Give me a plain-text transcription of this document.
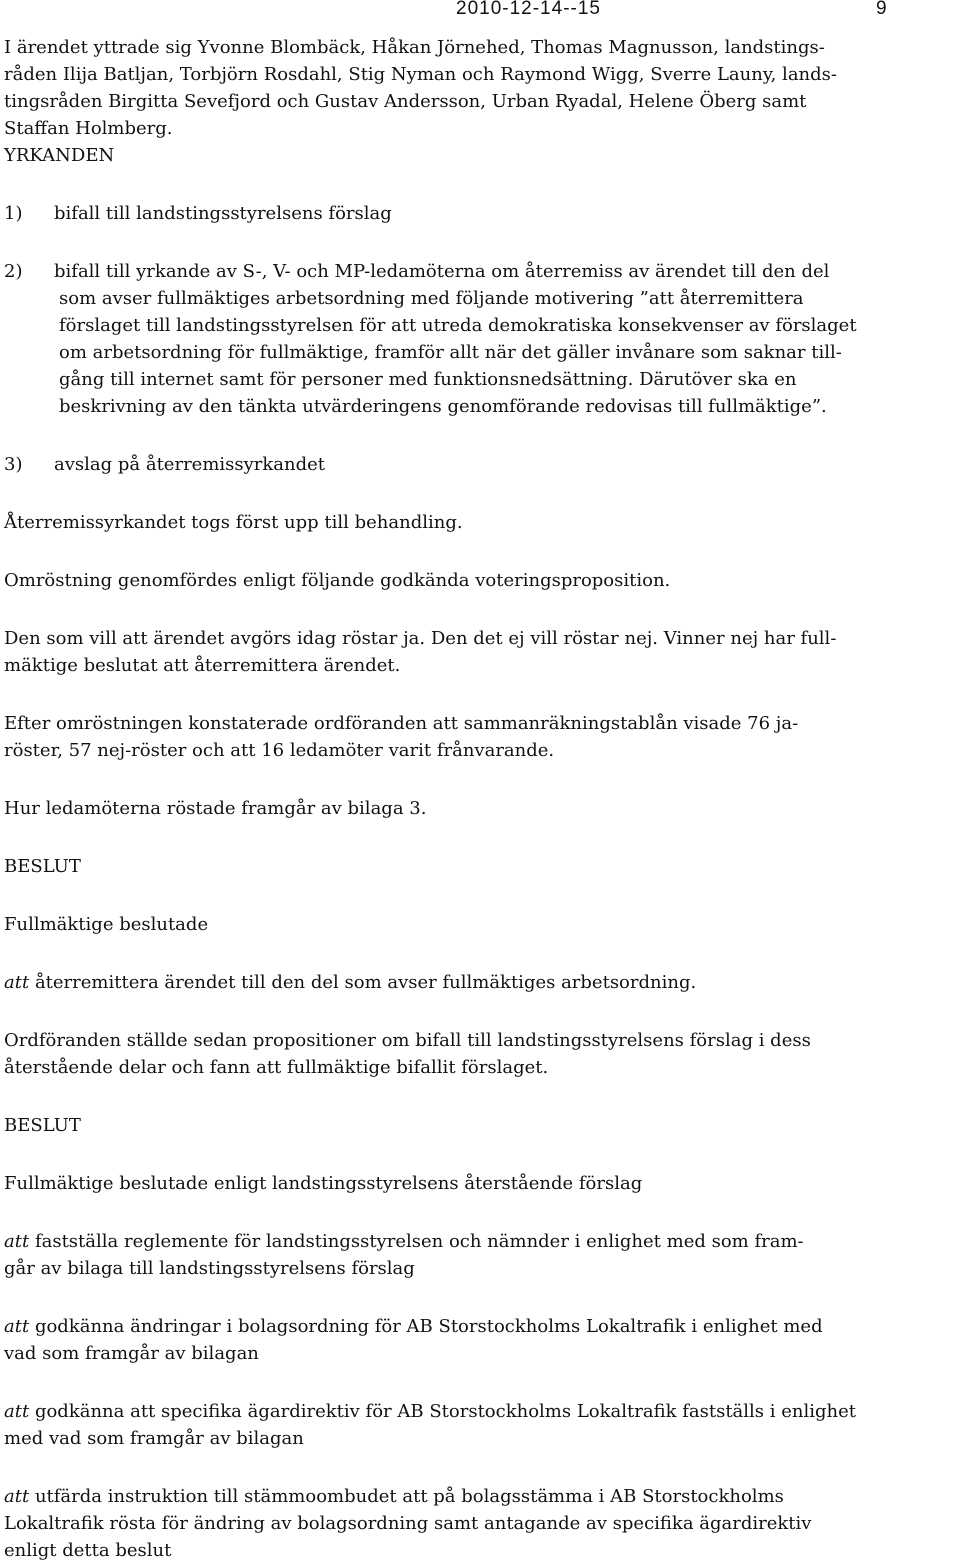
2010-12-14--15	9
I ärendet yttrade sig Yvonne Blombäck, Håkan Jörnehed, Thomas Magnusson, landstings-
råden Ilija Batljan, Torbjörn Rosdahl, Stig Nyman och Raymond Wigg, Sverre Launy, lands-
tingsråden Birgitta Sevefjord och Gustav Andersson, Urban Ryadal, Helene Öberg samt
Staffan Holmberg.
YRKANDEN
1) bifall till landstingsstyrelsens förslag
2) bifall till yrkande av S-, V- och MP-ledamöterna om återremiss av ärendet till den del
som avser fullmäktiges arbetsordning med följande motivering ”att återremittera
förslaget till landstingsstyrelsen för att utreda demokratiska konsekvenser av förslaget
om arbetsordning för fullmäktige, framför allt när det gäller invånare som saknar till-
gång till internet samt för personer med funktionsnedsättning. Därutöver ska en
beskrivning av den tänkta utvärderingens genomförande redovisas till fullmäktige”.
3) avslag på återremissyrkandet
Återremissyrkandet togs först upp till behandling.
Omröstning genomfördes enligt följande godkända voteringsproposition.
Den som vill att ärendet avgörs idag röstar ja. Den det ej vill röstar nej. Vinner nej har full-
mäktige beslutat att återremittera ärendet.
Efter omröstningen konstaterade ordföranden att sammanräkningstablån visade 76 ja-
röster, 57 nej-röster och att 16 ledamöter varit frånvarande.
Hur ledamöterna röstade framgår av bilaga 3.
BESLUT
Fullmäktige beslutade
att återremittera ärendet till den del som avser fullmäktiges arbetsordning.
Ordföranden ställde sedan propositioner om bifall till landstingsstyrelsens förslag i dess
återstående delar och fann att fullmäktige bifallit förslaget.
BESLUT
Fullmäktige beslutade enligt landstingsstyrelsens återstående förslag
att fastställa reglemente för landstingsstyrelsen och nämnder i enlighet med som fram-
går av bilaga till landstingsstyrelsens förslag
att godkänna ändringar i bolagsordning för AB Storstockholms Lokaltrafik i enlighet med
vad som framgår av bilagan
att godkänna att specifika ägardirektiv för AB Storstockholms Lokaltrafik fastställs i enlighet
med vad som framgår av bilagan
att utfärda instruktion till stämmoombudet att på bolagsstämma i AB Storstockholms
Lokaltrafik rösta för ändring av bolagsordning samt antagande av specifika ägardirektiv
enligt detta beslut
